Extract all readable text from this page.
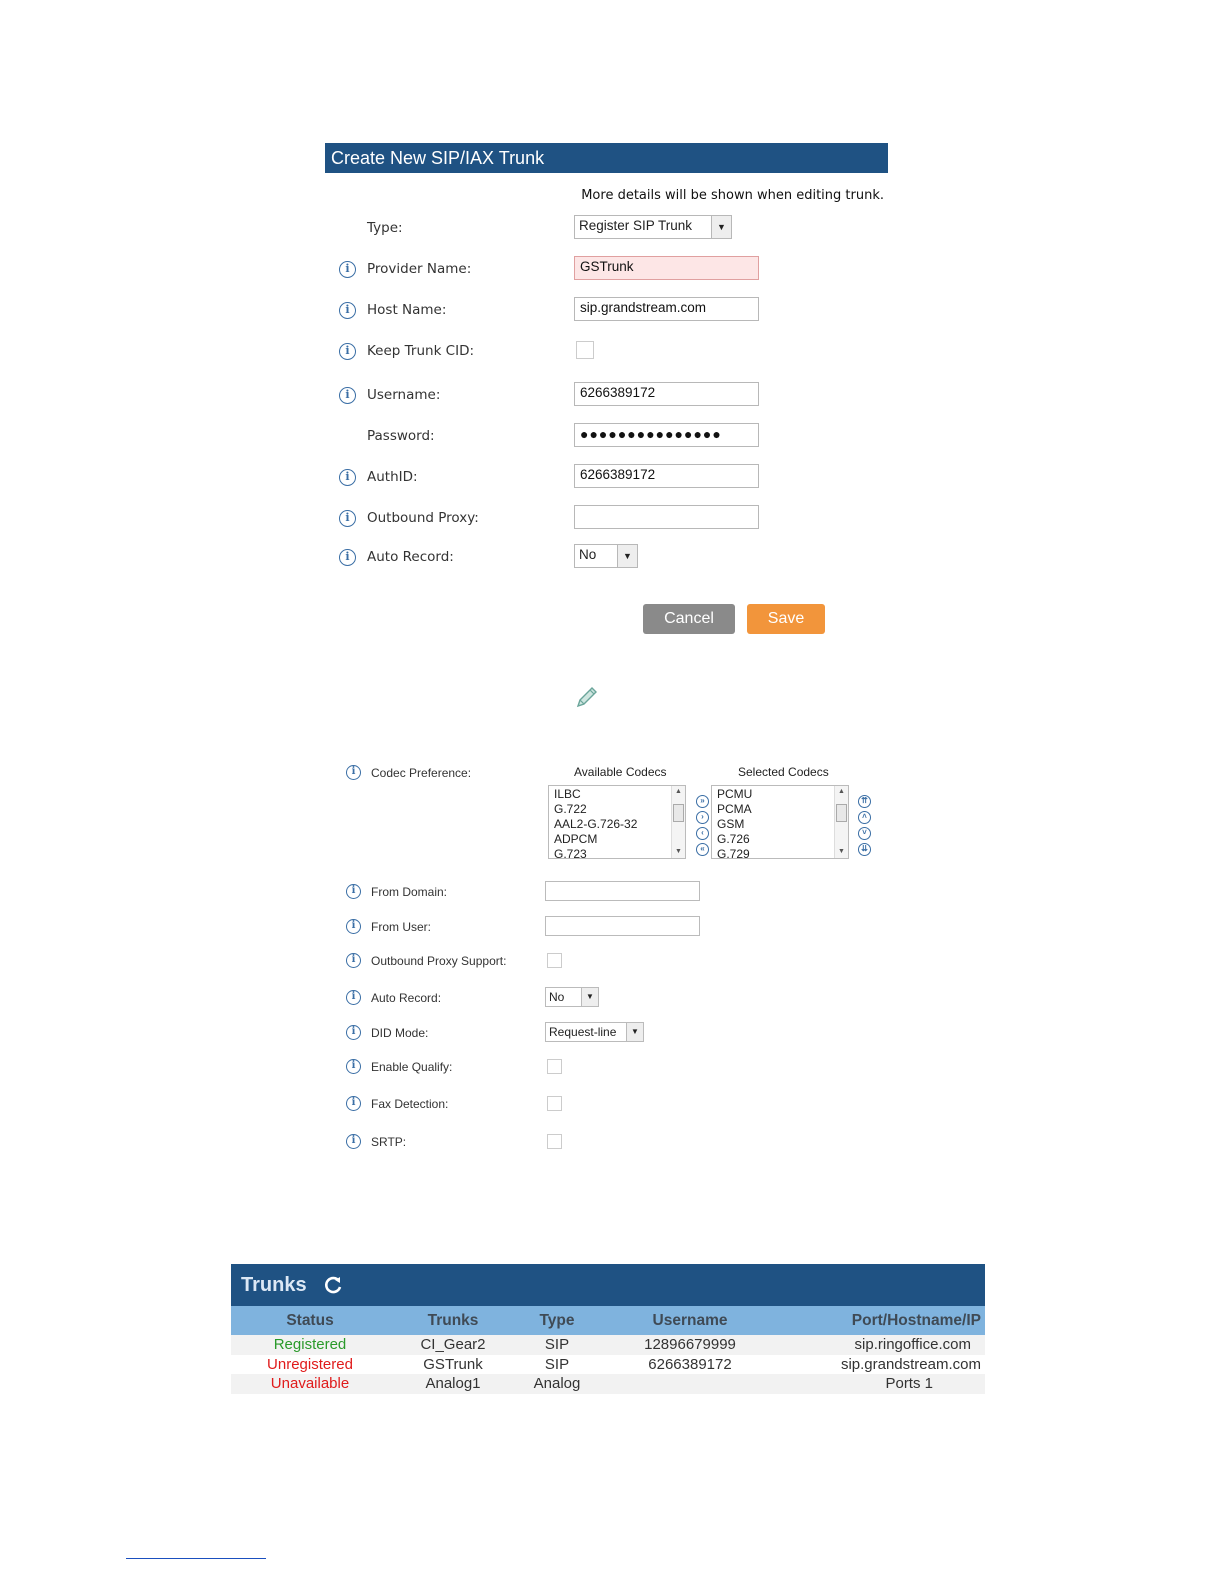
Create New SIP/IAX Trunk
More details will be shown when editing trunk.
Type:	Register SIP Trunk	▼
i	Provider Name:	GSTrunk
i	Host Name:	sip.grandstream.com
i	Keep Trunk CID:
i	Username:	6266389172
Password:	●●●●●●●●●●●●●●●
i	AuthID:	6266389172
i	Outbound Proxy:
i	Auto Record:	No	▼
Cancel	Save
i	Codec Preference:	Available Codecs	Selected Codecs
ILBC
G.722
AAL2-G.726-32
ADPCM
G.723
▲
▼
»
›
‹
«
PCMU
PCMA
GSM
G.726
G.729
▲
▼
⇈
˄
˅
⇊
i	From Domain:
i	From User:
i	Outbound Proxy Support:
i	Auto Record:	No	▼
i	DID Mode:	Request-line	▼
i	Enable Qualify:
i	Fax Detection:
i	SRTP:
Trunks
Status	Trunks	Type	Username	Port/Hostname/IP
Registered	CI_Gear2	SIP	12896679999	sip.ringoffice.com
Unregistered	GSTrunk	SIP	6266389172	sip.grandstream.com
Unavailable	Analog1	Analog		Ports 1
